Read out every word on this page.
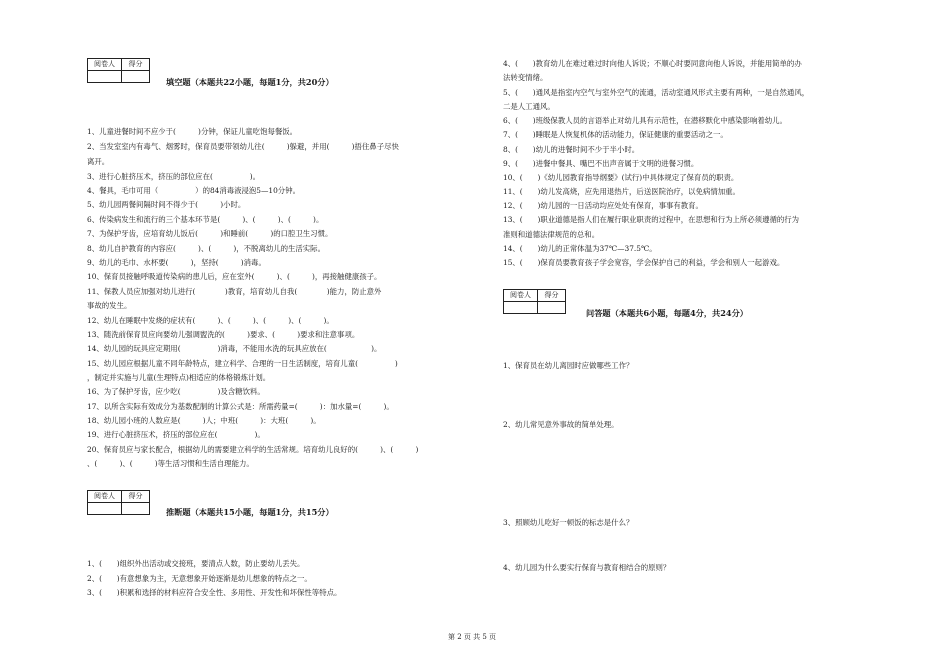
阅卷人	得分

阅卷人	得分

阅卷人	得分

填空题（本题共22小题，每题1分，共20分）
推断题（本题共15小题，每题1分，共15分）
问答题（本题共6小题，每题4分，共24分）
1、儿童进餐时间不应少于(　　　)分钟，保证儿童吃饱每餐饭。
2、当发室室内有毒气、烟雾时，保育员要带领幼儿往(　　　)躲避，并用(　　　)捂住鼻子尽快
离开。
3、进行心脏挤压术，挤压的部位应在(　　　　　)。
4、餐具，毛巾可用（　　　　　）的84消毒液浸泡5—10分钟。
5、幼儿园两餐间隔时间不得少于(　　　)小时。
6、传染病发生和流行的三个基本环节是(　　　)、(　　　)、(　　　)。
7、为保护牙齿，应培育幼儿饭后(　　　)和睡前(　　　)的口腔卫生习惯。
8、幼儿自护教育的内容应(　　　)、(　　　)，不脱离幼儿的生活实际。
9、幼儿的毛巾、水杯要(　　　)，坚持(　　　)消毒。
10、保育员接触呼吸道传染病的患儿后，应在室外(　　　)、(　　　)，再接触健康孩子。
11、保教人员应加强对幼儿进行(　　　　)教育，培育幼儿自我(　　　　)能力，防止意外
事故的发生。
12、幼儿在睡眠中发烧的症状有(　　　)、(　　　)、(　　　)、(　　　)。
13、随洗前保育员应向要幼儿强调盥洗的(　　　)要求、(　　　)要求和注意事项。
14、幼儿园的玩具应定期用(　　　　　)消毒，不能用水洗的玩具应放在(　　　　　　)。
15、幼儿园应根据儿童不同年龄特点，建立科学、合理的一日生活制度，培育儿童(　　　　　)
，制定并实施与儿童(生理特点)相适应的体格锻炼计划。
16、为了保护牙齿，应少吃(　　　　　)及含糖饮料。
17、以所含实际有效成分为基数配制的计算公式是：所需药量=(　　　)：加水量=(　　　)。
18、幼儿园小班的人数应是(　　　)人；中班(　　　)：大班(　　　)。
19、进行心脏挤压术，挤压的部位应在(　　　　　)。
20、保育员应与家长配合，根据幼儿的需要建立科学的生活常规。培育幼儿良好的(　　　)、(　　　)
、(　　　)、(　　　)等生活习惯和生活自理能力。
1、(　　)组织外出活动或交接班，要清点人数，防止要幼儿丢失。
2、(　　)有意想象为主，无意想象开始逐渐是幼儿想象的特点之一。
3、(　　)积累和选择的材料应符合安全性、多用性、开发性和坏保性等特点。
4、(　　)教育幼儿在难过难过时向他人诉说；不顺心时要同意向他人诉说，并能用简单的办
法转变情绪。
5、(　　)通风是指室内空气与室外空气的流通，活动室通风形式主要有两种，一是自然通风，
二是人工通风。
6、(　　)班级保教人员的言语举止对幼儿具有示范性，在潜移默化中感染影响着幼儿。
7、(　　)睡眠是人恢复机体的活动能力，保证健康的重要活动之一。
8、(　　)幼儿的进餐时间不少于半小时。
9、(　　)进餐中餐具、嘴巴不出声音属于文明的进餐习惯。
10、(　　)《幼儿园教育指导纲要》(试行)中具体规定了保育员的职责。
11、(　　)幼儿发高烧，应先用退热片，后送医院治疗，以免病情加重。
12、(　　)幼儿园的一日活动均应处处有保育，事事有教育。
13、(　　)职业道德是指人们在履行职业职责的过程中，在思想和行为上所必须遵循的行为
准则和道德法律规范的总和。
14、(　　)幼儿的正常体温为37℃—37.5℃。
15、(　　)保育员要教育孩子学会宽容，学会保护自己的利益，学会和别人一起游戏。
1、保育员在幼儿离园时应做哪些工作？
2、幼儿常见意外事故的简单处理。
3、照顾幼儿吃好一顿饭的标志是什么？
4、幼儿园为什么要实行保育与教育相结合的原则？
第 2 页 共 5 页
